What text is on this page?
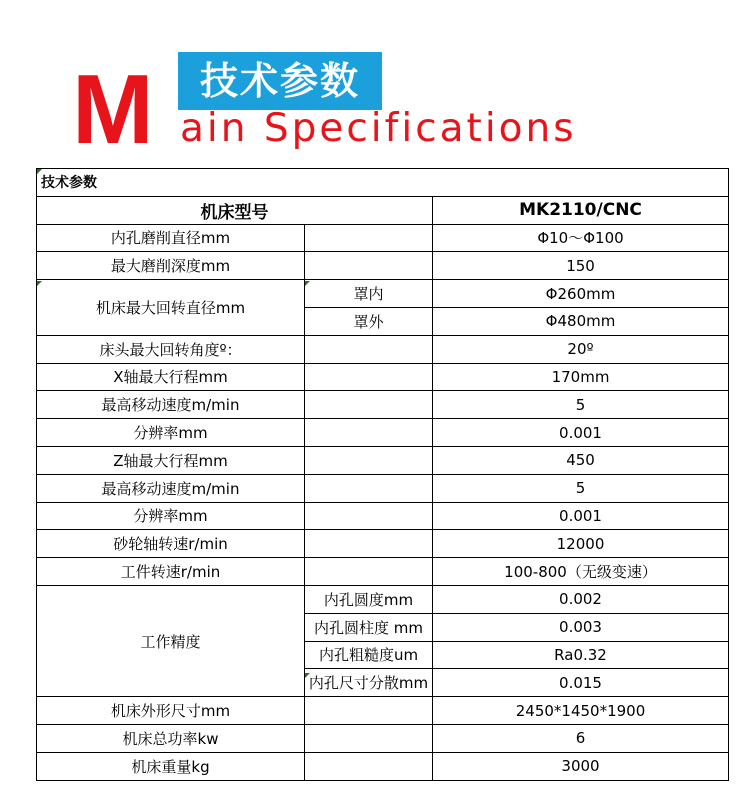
M	技术参数
ain Specifications
技术参数		
机床型号		MK2110/CNC
内孔磨削直径mm		Φ10～Φ100
最大磨削深度mm		150
机床最大回转直径mm	罩内	Φ260mm
	罩外	Φ480mm
床头最大回转角度º：		20º
X轴最大行程mm		170mm
最高移动速度m/min		5
分辨率mm		0.001
Z轴最大行程mm		450
最高移动速度m/min		5
分辨率mm		0.001
砂轮轴转速r/min		12000
工件转速r/min		100-800（无级变速）
工作精度	内孔圆度mm	0.002
	内孔圆柱度 mm	0.003
	内孔粗糙度um	Ra0.32
	内孔尺寸分散mm	0.015
机床外形尺寸mm		2450*1450*1900
机床总功率kw		6
机床重量kg		3000
